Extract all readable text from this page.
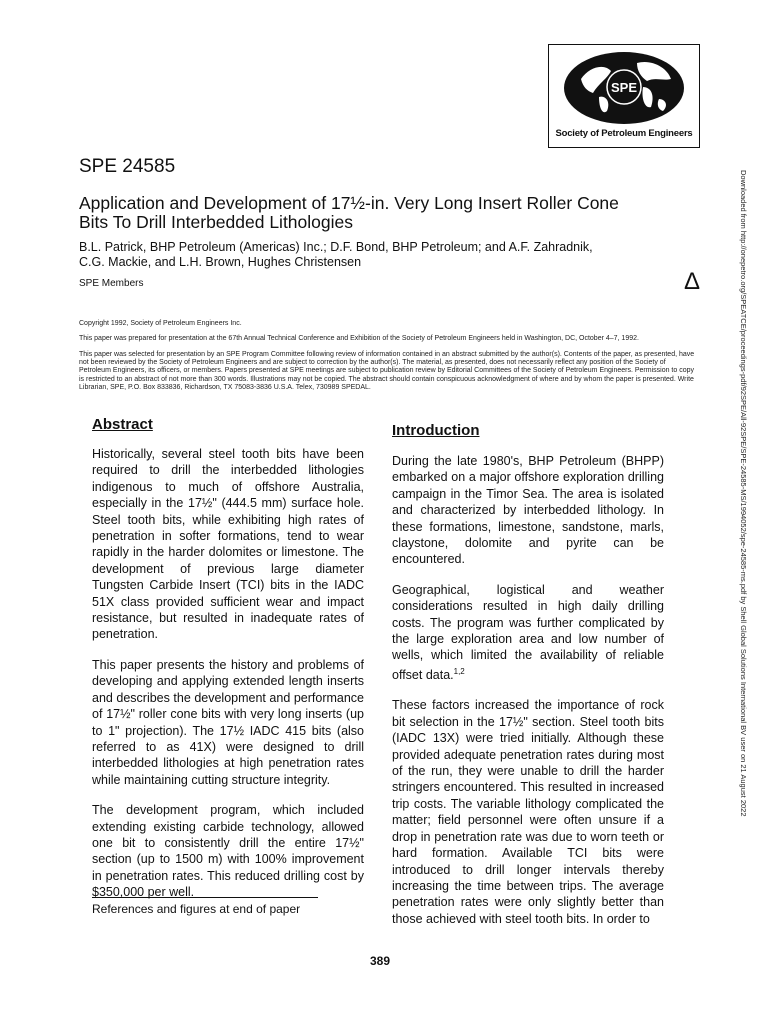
SPE
Society of Petroleum Engineers
SPE 24585
Application and Development of 17½-in. Very Long Insert Roller Cone Bits To Drill Interbedded Lithologies
B.L. Patrick, BHP Petroleum (Americas) Inc.; D.F. Bond, BHP Petroleum; and A.F. Zahradnik,
C.G. Mackie, and L.H. Brown, Hughes Christensen
SPE Members	Δ
Copyright 1992, Society of Petroleum Engineers Inc.
This paper was prepared for presentation at the 67th Annual Technical Conference and Exhibition of the Society of Petroleum Engineers held in Washington, DC, October 4–7, 1992.
This paper was selected for presentation by an SPE Program Committee following review of information contained in an abstract submitted by the author(s). Contents of the paper, as presented, have not been reviewed by the Society of Petroleum Engineers and are subject to correction by the author(s). The material, as presented, does not necessarily reflect any position of the Society of Petroleum Engineers, its officers, or members. Papers presented at SPE meetings are subject to publication review by Editorial Committees of the Society of Petroleum Engineers. Permission to copy is restricted to an abstract of not more than 300 words. Illustrations may not be copied. The abstract should contain conspicuous acknowledgment of where and by whom the paper is presented. Write Librarian, SPE, P.O. Box 833836, Richardson, TX 75083-3836 U.S.A. Telex, 730989 SPEDAL.
Abstract

Historically, several steel tooth bits have been required to drill the interbedded lithologies indigenous to much of offshore Australia, especially in the 17½" (444.5 mm) surface hole. Steel tooth bits, while exhibiting high rates of penetration in softer formations, tend to wear rapidly in the harder dolomites or limestone. The development of previous large diameter Tungsten Carbide Insert (TCI) bits in the IADC 51X class provided sufficient wear and impact resistance, but resulted in inadequate rates of penetration.

This paper presents the history and problems of developing and applying extended length inserts and describes the development and performance of 17½" roller cone bits with very long inserts (up to 1" projection). The 17½ IADC 415 bits (also referred to as 41X) were designed to drill interbedded lithologies at high penetration rates while maintaining cutting structure integrity.

The development program, which included extending existing carbide technology, allowed one bit to consistently drill the entire 17½" section (up to 1500 m) with 100% improvement in penetration rates. This reduced drilling cost by $350,000 per well.

Introduction

During the late 1980's, BHP Petroleum (BHPP) embarked on a major offshore exploration drilling campaign in the Timor Sea. The area is isolated and characterized by interbedded lithology. In these formations, limestone, sandstone, marls, claystone, dolomite and pyrite can be encountered.

Geographical, logistical and weather considerations resulted in high daily drilling costs. The program was further complicated by the large exploration area and low number of wells, which limited the availability of reliable offset data.$^{1,2}$

These factors increased the importance of rock bit selection in the 17½" section. Steel tooth bits (IADC 13X) were tried initially. Although these provided adequate penetration rates during most of the run, they were unable to drill the harder stringers encountered. This resulted in increased trip costs. The variable lithology complicated the matter; field personnel were often unsure if a drop in penetration rate was due to worn teeth or hard formation. Available TCI bits were introduced to drill longer intervals thereby increasing the time between trips. The average penetration rates were only slightly better than those achieved with steel tooth bits. In order to

References and figures at end of paper
389
Downloaded from http://onepetro.org/SPEATCE/proceedings-pdf/92SPE/All-92SPE/SPE-24585-MS/1994052/spe-24585-ms.pdf by Shell Global Solutions International BV user on 21 August 2022
